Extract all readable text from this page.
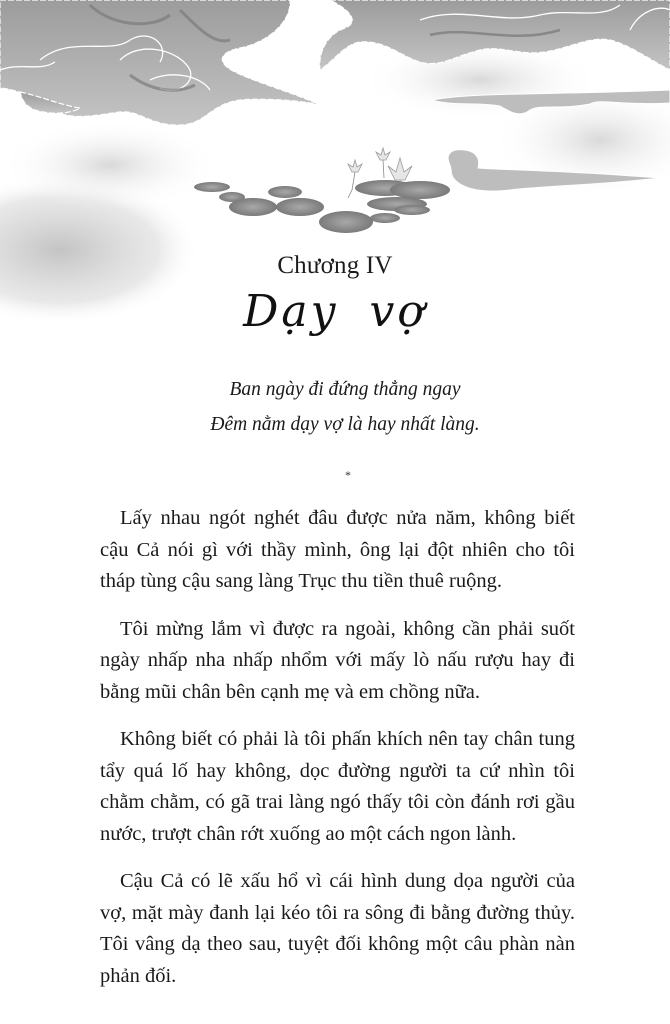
Chương IV
Dạy vợ
Ban ngày đi đứng thẳng ngay
Đêm nằm dạy vợ là hay nhất làng.
*

Lấy nhau ngót nghét đâu được nửa năm, không biết cậu Cả nói gì với thầy mình, ông lại đột nhiên cho tôi tháp tùng cậu sang làng Trục thu tiền thuê ruộng.

Tôi mừng lắm vì được ra ngoài, không cần phải suốt ngày nhấp nha nhấp nhổm với mấy lò nấu rượu hay đi bằng mũi chân bên cạnh mẹ và em chồng nữa.

Không biết có phải là tôi phấn khích nên tay chân tung tẩy quá lố hay không, dọc đường người ta cứ nhìn tôi chằm chằm, có gã trai làng ngó thấy tôi còn đánh rơi gầu nước, trượt chân rớt xuống ao một cách ngon lành.

Cậu Cả có lẽ xấu hổ vì cái hình dung dọa người của vợ, mặt mày đanh lại kéo tôi ra sông đi bằng đường thủy. Tôi vâng dạ theo sau, tuyệt đối không một câu phàn nàn phản đối.
